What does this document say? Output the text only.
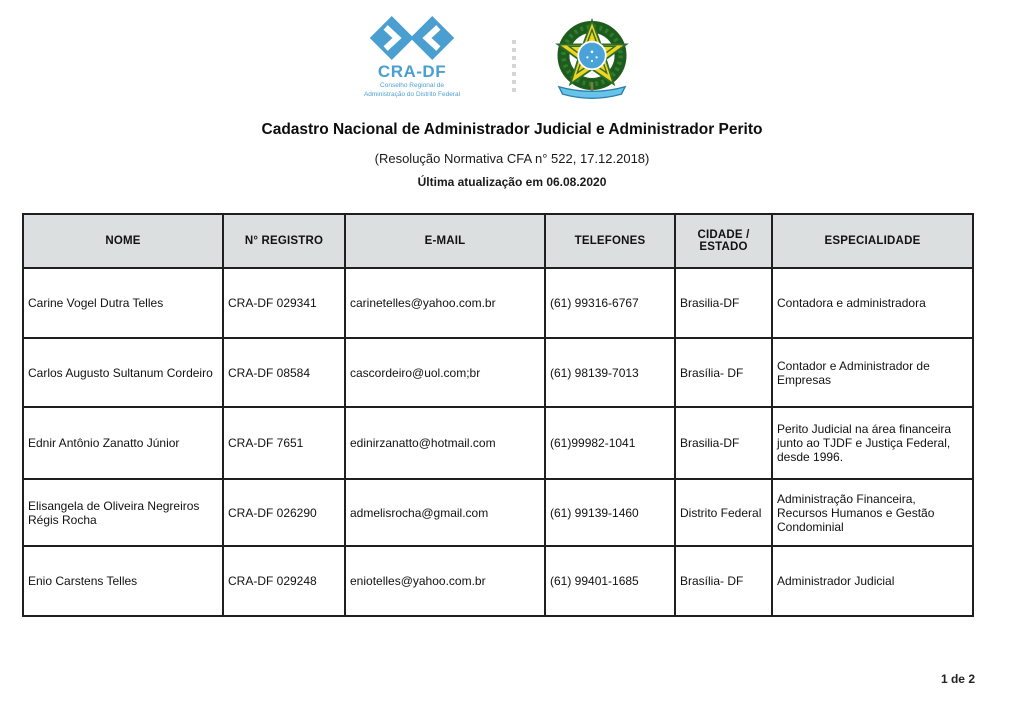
CRA-DF
Conselho Regional de
Administração do Distrito Federal
Cadastro Nacional de Administrador Judicial e Administrador Perito

(Resolução Normativa CFA n° 522, 17.12.2018)

Última atualização em 06.08.2020

NOME	N° REGISTRO	E-MAIL	TELEFONES	CIDADE / ESTADO	ESPECIALIDADE
Carine Vogel Dutra Telles	CRA-DF 029341	carinetelles@yahoo.com.br	(61) 99316-6767	Brasilia-DF	Contadora e administradora
Carlos Augusto Sultanum Cordeiro	CRA-DF 08584	cascordeiro@uol.com;br	(61) 98139-7013	Brasília- DF	Contador e Administrador de Empresas
Ednir Antônio Zanatto Júnior	CRA-DF 7651	edinirzanatto@hotmail.com	(61)99982-1041	Brasilia-DF	Perito Judicial na área financeira junto ao TJDF e Justiça Federal, desde 1996.
Elisangela de Oliveira Negreiros Régis Rocha	CRA-DF 026290	admelisrocha@gmail.com	(61) 99139-1460	Distrito Federal	Administração Financeira, Recursos Humanos e Gestão Condominial
Enio Carstens Telles	CRA-DF 029248	eniotelles@yahoo.com.br	(61) 99401-1685	Brasília- DF	Administrador Judicial
1 de 2
